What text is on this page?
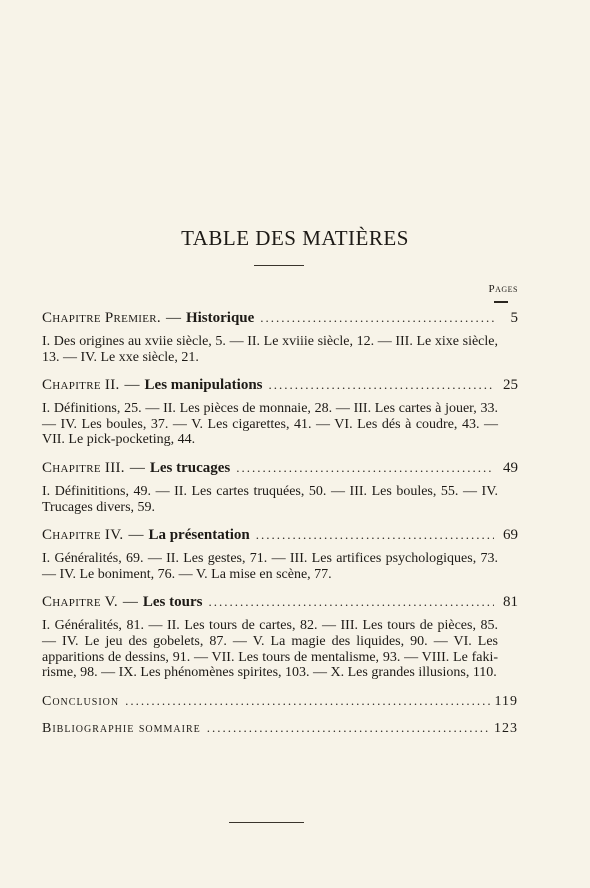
TABLE DES MATIÈRES
Pages
Chapitre Premier. — Historique .....	5
I. Des origines au xviie siècle, 5. — II. Le xviiie siècle, 12. — III. Le xixe siècle, 13. — IV. Le xxe siècle, 21.
Chapitre II. — Les manipulations .....	25
I. Définitions, 25. — II. Les pièces de monnaie, 28. — III. Les cartes à jouer, 33. — IV. Les boules, 37. — V. Les cigarettes, 41. — VI. Les dés à coudre, 43. — VII. Le pick-pocketing, 44.
Chapitre III. — Les trucages .....	49
I. Définititions, 49. — II. Les cartes truquées, 50. — III. Les boules, 55. — IV. Trucages divers, 59.
Chapitre IV. — La présentation .....	69
I. Généralités, 69. — II. Les gestes, 71. — III. Les artifices psychologiques, 73. — IV. Le boniment, 76. — V. La mise en scène, 77.
Chapitre V. — Les tours .....	81
I. Généralités, 81. — II. Les tours de cartes, 82. — III. Les tours de pièces, 85. — IV. Le jeu des gobelets, 87. — V. La magie des liquides, 90. — VI. Les apparitions de dessins, 91. — VII. Les tours de mentalisme, 93. — VIII. Le faki-risme, 98. — IX. Les phénomènes spirites, 103. — X. Les grandes illusions, 110.
Conclusion .....	119
Bibliographie sommaire .....	123
